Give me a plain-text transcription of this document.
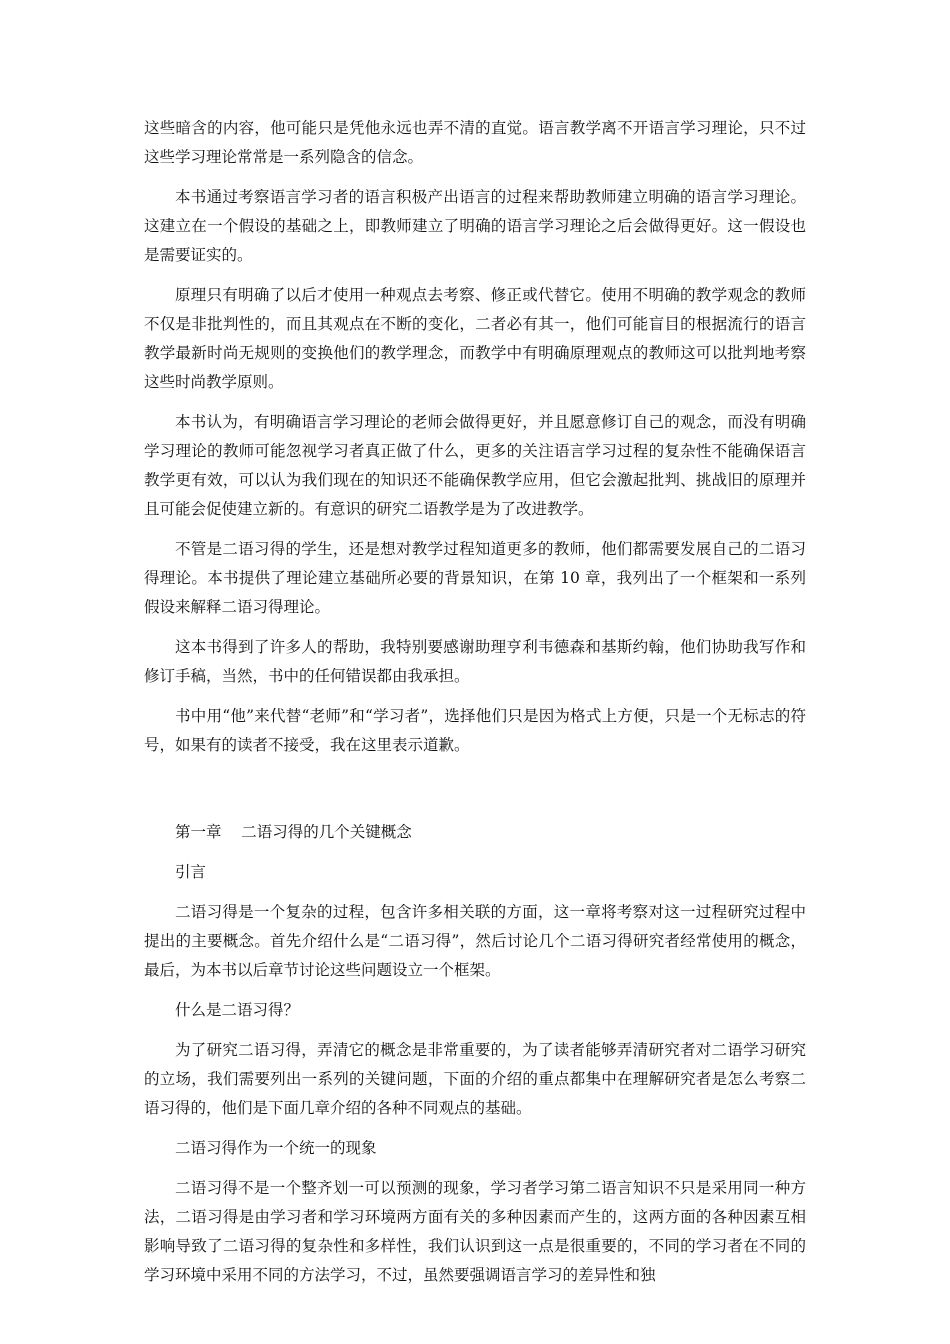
这些暗含的内容，他可能只是凭他永远也弄不清的直觉。语言教学离不开语言学习理论，只不过这些学习理论常常是一系列隐含的信念。

本书通过考察语言学习者的语言积极产出语言的过程来帮助教师建立明确的语言学习理论。这建立在一个假设的基础之上，即教师建立了明确的语言学习理论之后会做得更好。这一假设也是需要证实的。

原理只有明确了以后才使用一种观点去考察、修正或代替它。使用不明确的教学观念的教师不仅是非批判性的，而且其观点在不断的变化，二者必有其一，他们可能盲目的根据流行的语言教学最新时尚无规则的变换他们的教学理念，而教学中有明确原理观点的教师这可以批判地考察这些时尚教学原则。

本书认为，有明确语言学习理论的老师会做得更好，并且愿意修订自己的观念，而没有明确学习理论的教师可能忽视学习者真正做了什么，更多的关注语言学习过程的复杂性不能确保语言教学更有效，可以认为我们现在的知识还不能确保教学应用，但它会激起批判、挑战旧的原理并且可能会促使建立新的。有意识的研究二语教学是为了改进教学。

不管是二语习得的学生，还是想对教学过程知道更多的教师，他们都需要发展自己的二语习得理论。本书提供了理论建立基础所必要的背景知识，在第 10 章，我列出了一个框架和一系列假设来解释二语习得理论。

这本书得到了许多人的帮助，我特别要感谢助理亨利韦德森和基斯约翰，他们协助我写作和修订手稿，当然，书中的任何错误都由我承担。

书中用“他”来代替“老师”和“学习者”，选择他们只是因为格式上方便，只是一个无标志的符号，如果有的读者不接受，我在这里表示道歉。

第一章    二语习得的几个关键概念

引言

二语习得是一个复杂的过程，包含许多相关联的方面，这一章将考察对这一过程研究过程中提出的主要概念。首先介绍什么是“二语习得”，然后讨论几个二语习得研究者经常使用的概念，最后，为本书以后章节讨论这些问题设立一个框架。

什么是二语习得？

为了研究二语习得，弄清它的概念是非常重要的，为了读者能够弄清研究者对二语学习研究的立场，我们需要列出一系列的关键问题，下面的介绍的重点都集中在理解研究者是怎么考察二语习得的，他们是下面几章介绍的各种不同观点的基础。

二语习得作为一个统一的现象

二语习得不是一个整齐划一可以预测的现象，学习者学习第二语言知识不只是采用同一种方法，二语习得是由学习者和学习环境两方面有关的多种因素而产生的，这两方面的各种因素互相影响导致了二语习得的复杂性和多样性，我们认识到这一点是很重要的，不同的学习者在不同的学习环境中采用不同的方法学习，不过，虽然要强调语言学习的差异性和独
